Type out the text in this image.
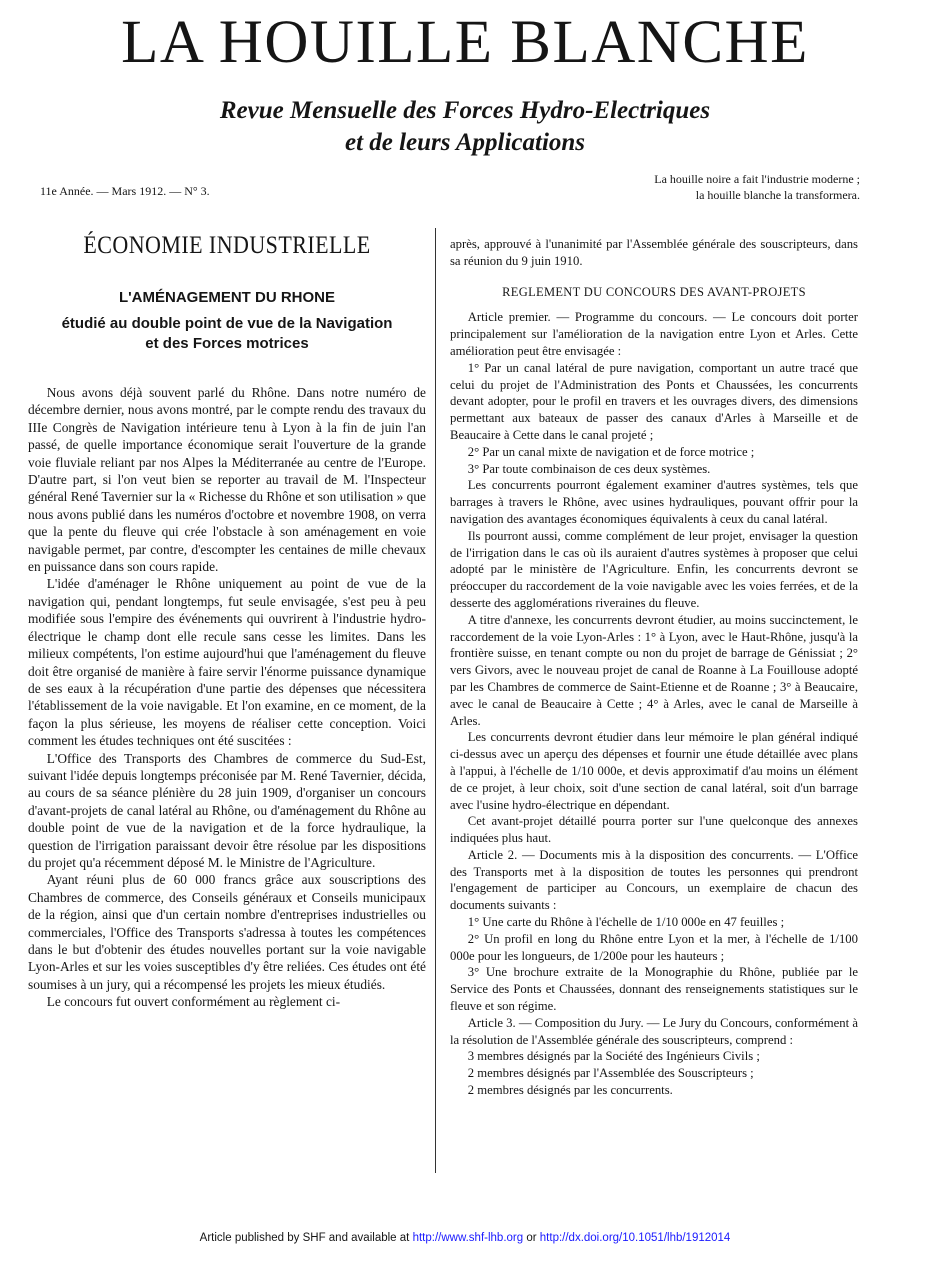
LA HOUILLE BLANCHE
Revue Mensuelle des Forces Hydro-Electriques
et de leurs Applications
11e Année. — Mars 1912. — N° 3.
La houille noire a fait l'industrie moderne ;
la houille blanche la transformera.
ÉCONOMIE INDUSTRIELLE
L'AMÉNAGEMENT DU RHONE
étudié au double point de vue de la Navigation
et des Forces motrices

Nous avons déjà souvent parlé du Rhône. Dans notre numéro de décembre dernier, nous avons montré, par le compte rendu des travaux du IIIe Congrès de Navigation intérieure tenu à Lyon à la fin de juin l'an passé, de quelle importance économique serait l'ouverture de la grande voie fluviale reliant par nos Alpes la Méditerranée au centre de l'Europe. D'autre part, si l'on veut bien se reporter au travail de M. l'Inspecteur général René Tavernier sur la « Richesse du Rhône et son utilisation » que nous avons publié dans les numéros d'octobre et novembre 1908, on verra que la pente du fleuve qui crée l'obstacle à son aménagement en voie navigable permet, par contre, d'escompter les centaines de mille chevaux en puissance dans son cours rapide.

L'idée d'aménager le Rhône uniquement au point de vue de la navigation qui, pendant longtemps, fut seule envisagée, s'est peu à peu modifiée sous l'empire des événements qui ouvrirent à l'industrie hydro-électrique le champ dont elle recule sans cesse les limites. Dans les milieux compétents, l'on estime aujourd'hui que l'aménagement du fleuve doit être organisé de manière à faire servir l'énorme puissance dynamique de ses eaux à la récupération d'une partie des dépenses que nécessitera l'établissement de la voie navigable. Et l'on examine, en ce moment, de la façon la plus sérieuse, les moyens de réaliser cette conception. Voici comment les études techniques ont été suscitées :

L'Office des Transports des Chambres de commerce du Sud-Est, suivant l'idée depuis longtemps préconisée par M. René Tavernier, décida, au cours de sa séance plénière du 28 juin 1909, d'organiser un concours d'avant-projets de canal latéral au Rhône, ou d'aménagement du Rhône au double point de vue de la navigation et de la force hydraulique, la question de l'irrigation paraissant devoir être résolue par les dispositions du projet qu'a récemment déposé M. le Ministre de l'Agriculture.

Ayant réuni plus de 60 000 francs grâce aux souscriptions des Chambres de commerce, des Conseils généraux et Conseils municipaux de la région, ainsi que d'un certain nombre d'entreprises industrielles ou commerciales, l'Office des Transports s'adressa à toutes les compétences dans le but d'obtenir des études nouvelles portant sur la voie navigable Lyon-Arles et sur les voies susceptibles d'y être reliées. Ces études ont été soumises à un jury, qui a récompensé les projets les mieux étudiés.

Le concours fut ouvert conformément au règlement ci-

après, approuvé à l'unanimité par l'Assemblée générale des souscripteurs, dans sa réunion du 9 juin 1910.

REGLEMENT DU CONCOURS DES AVANT-PROJETS

Article premier. — Programme du concours. — Le concours doit porter principalement sur l'amélioration de la navigation entre Lyon et Arles. Cette amélioration peut être envisagée :

1° Par un canal latéral de pure navigation, comportant un autre tracé que celui du projet de l'Administration des Ponts et Chaussées, les concurrents devant adopter, pour le profil en travers et les ouvrages divers, des dimensions permettant aux bateaux de passer des canaux d'Arles à Marseille et de Beaucaire à Cette dans le canal projeté ;

2° Par un canal mixte de navigation et de force motrice ;

3° Par toute combinaison de ces deux systèmes.

Les concurrents pourront également examiner d'autres systèmes, tels que barrages à travers le Rhône, avec usines hydrauliques, pouvant offrir pour la navigation des avantages économiques équivalents à ceux du canal latéral.

Ils pourront aussi, comme complément de leur projet, envisager la question de l'irrigation dans le cas où ils auraient d'autres systèmes à proposer que celui adopté par le ministère de l'Agriculture. Enfin, les concurrents devront se préoccuper du raccordement de la voie navigable avec les voies ferrées, et de la desserte des agglomérations riveraines du fleuve.

A titre d'annexe, les concurrents devront étudier, au moins succinctement, le raccordement de la voie Lyon-Arles : 1° à Lyon, avec le Haut-Rhône, jusqu'à la frontière suisse, en tenant compte ou non du projet de barrage de Génissiat ; 2° vers Givors, avec le nouveau projet de canal de Roanne à La Fouillouse adopté par les Chambres de commerce de Saint-Etienne et de Roanne ; 3° à Beaucaire, avec le canal de Beaucaire à Cette ; 4° à Arles, avec le canal de Marseille à Arles.

Les concurrents devront étudier dans leur mémoire le plan général indiqué ci-dessus avec un aperçu des dépenses et fournir une étude détaillée avec plans à l'appui, à l'échelle de 1/10 000e, et devis approximatif d'au moins un élément de ce projet, à leur choix, soit d'une section de canal latéral, soit d'un barrage avec l'usine hydro-électrique en dépendant.

Cet avant-projet détaillé pourra porter sur l'une quelconque des annexes indiquées plus haut.

Article 2. — Documents mis à la disposition des concurrents. — L'Office des Transports met à la disposition de toutes les personnes qui prendront l'engagement de participer au Concours, un exemplaire de chacun des documents suivants :

1° Une carte du Rhône à l'échelle de 1/10 000e en 47 feuilles ;

2° Un profil en long du Rhône entre Lyon et la mer, à l'échelle de 1/100 000e pour les longueurs, de 1/200e pour les hauteurs ;

3° Une brochure extraite de la Monographie du Rhône, publiée par le Service des Ponts et Chaussées, donnant des renseignements statistiques sur le fleuve et son régime.

Article 3. — Composition du Jury. — Le Jury du Concours, conformément à la résolution de l'Assemblée générale des souscripteurs, comprend :

3 membres désignés par la Société des Ingénieurs Civils ;

2 membres désignés par l'Assemblée des Souscripteurs ;

2 membres désignés par les concurrents.

Article published by SHF and available at http://www.shf-lhb.org or http://dx.doi.org/10.1051/lhb/1912014
